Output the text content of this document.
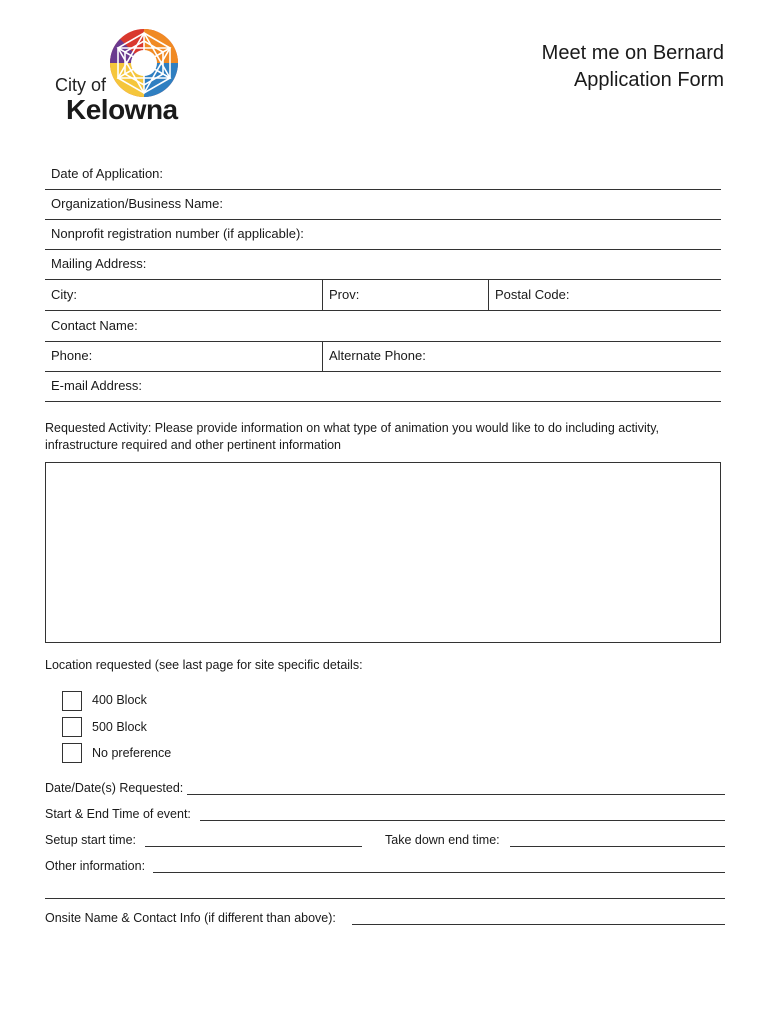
City of
Kelowna
Meet me on Bernard
Application Form
Date of Application:
Organization/Business Name:
Nonprofit registration number (if applicable):
Mailing Address:
City:	Prov:	Postal Code:
Contact Name:
Phone:	Alternate Phone:
E-mail Address:
Requested Activity: Please provide information on what type of animation you would like to do including activity,
infrastructure required and other pertinent information
Location requested (see last page for site specific details:
400 Block
500 Block
No preference
Date/Date(s) Requested:
Start & End Time of event:
Setup start time:	Take down end time:
Other information:
Onsite Name & Contact Info (if different than above):
